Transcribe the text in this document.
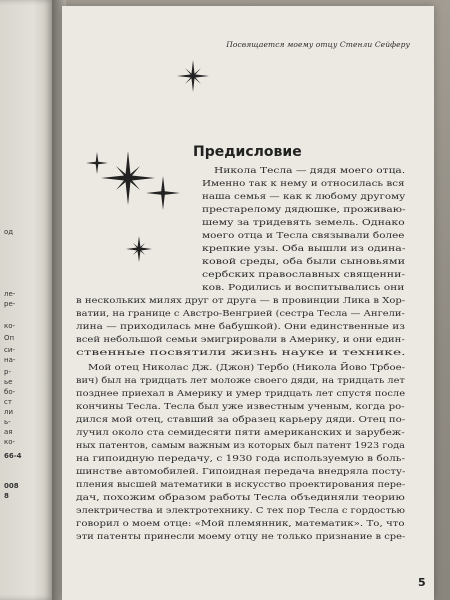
од
ле-
ре-
ко-
Оп
си-
на-
р-
ье
бо-
ст
ли
ь-
ая
ко-
66-4
008
8
Посвящается моему отцу Стенли Сейферу
Предисловие
Никола Тесла — дядя моего отца.
Именно так к нему и относилась вся
наша семья — как к любому другому
престарелому дядюшке, проживаю-
шему за тридевять земель. Однако
моего отца и Тесла связывали более
крепкие узы. Оба вышли из одина-
ковой среды, оба были сыновьями
сербских православных священни-
ков. Родились и воспитывались они
в нескольких милях друг от друга — в провинции Лика в Хор-
ватии, на границе с Австро-Венгрией (сестра Тесла — Ангели-
лина — приходилась мне бабушкой). Они единственные из
всей небольшой семьи эмигрировали в Америку, и они един-
ственные посвятили жизнь науке и технике.
Мой отец Николас Дж. (Джон) Тербо (Никола Йово Трбое-
вич) был на тридцать лет моложе своего дяди, на тридцать лет
позднее приехал в Америку и умер тридцать лет спустя после
кончины Тесла. Тесла был уже известным ученым, когда ро-
дился мой отец, ставший за образец карьеру дяди. Отец по-
лучил около ста семидесяти пяти американских и зарубеж-
ных патентов, самым важным из которых был патент 1923 года
на гипоидную передачу, с 1930 года используемую в боль-
шинстве автомобилей. Гипоидная передача внедряла посту-
пления высшей математики в искусство проектирования пере-
дач, похожим образом работы Тесла объединяли теорию
электричества и электротехнику. С тех пор Тесла с гордостью
говорил о моем отце: «Мой племянник, математик». То, что
эти патенты принесли моему отцу не только признание в сре-
5
